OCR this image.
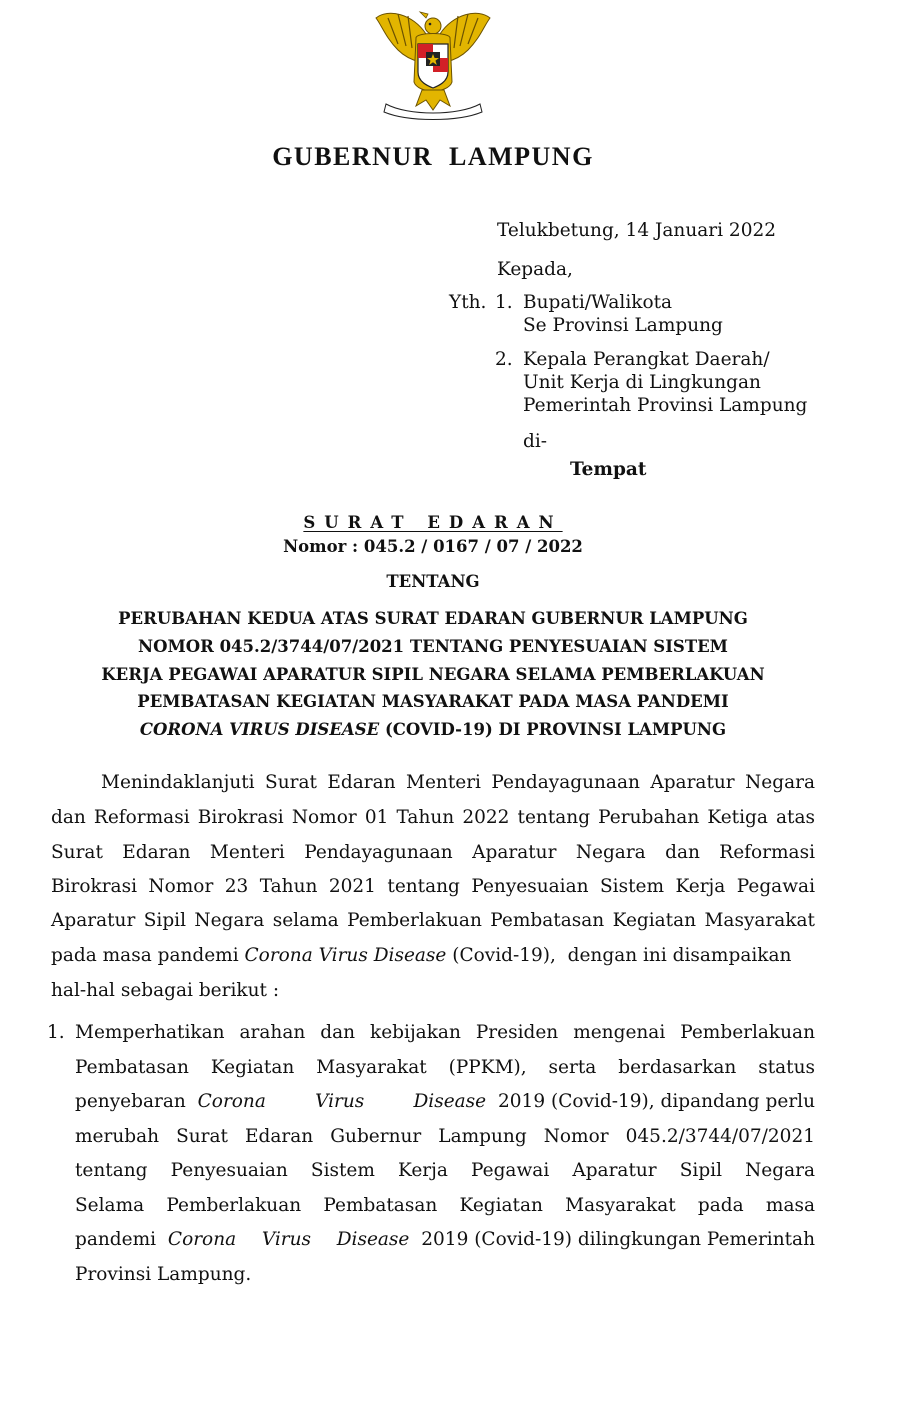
GUBERNUR LAMPUNG
Telukbetung, 14 Januari 2022
Kepada,
Yth. 1. Bupati/Walikota
Se Provinsi Lampung
2. Kepala Perangkat Daerah/
Unit Kerja di Lingkungan
Pemerintah Provinsi Lampung
di-
Tempat
SURAT EDARAN
Nomor : 045.2 / 0167 / 07 / 2022
TENTANG
PERUBAHAN KEDUA ATAS SURAT EDARAN GUBERNUR LAMPUNG
NOMOR 045.2/3744/07/2021 TENTANG PENYESUAIAN SISTEM
KERJA PEGAWAI APARATUR SIPIL NEGARA SELAMA PEMBERLAKUAN
PEMBATASAN KEGIATAN MASYARAKAT PADA MASA PANDEMI
CORONA VIRUS DISEASE (COVID-19) DI PROVINSI LAMPUNG
Menindaklanjuti Surat Edaran Menteri Pendayagunaan Aparatur Negara
dan Reformasi Birokrasi Nomor 01 Tahun 2022 tentang Perubahan Ketiga atas
Surat Edaran Menteri Pendayagunaan Aparatur Negara dan Reformasi
Birokrasi Nomor 23 Tahun 2021 tentang Penyesuaian Sistem Kerja Pegawai
Aparatur Sipil Negara selama Pemberlakuan Pembatasan Kegiatan Masyarakat
pada masa pandemi Corona Virus Disease (Covid-19),  dengan ini disampaikan
hal-hal sebagai berikut :
1. Memperhatikan arahan dan kebijakan Presiden mengenai Pemberlakuan
Pembatasan Kegiatan Masyarakat (PPKM), serta berdasarkan status
penyebaran Corona Virus Disease 2019 (Covid-19), dipandang perlu
merubah Surat Edaran Gubernur Lampung Nomor 045.2/3744/07/2021
tentang Penyesuaian Sistem Kerja Pegawai Aparatur Sipil Negara
Selama Pemberlakuan Pembatasan Kegiatan Masyarakat pada masa
pandemi Corona Virus Disease 2019 (Covid-19) dilingkungan Pemerintah
Provinsi Lampung.
